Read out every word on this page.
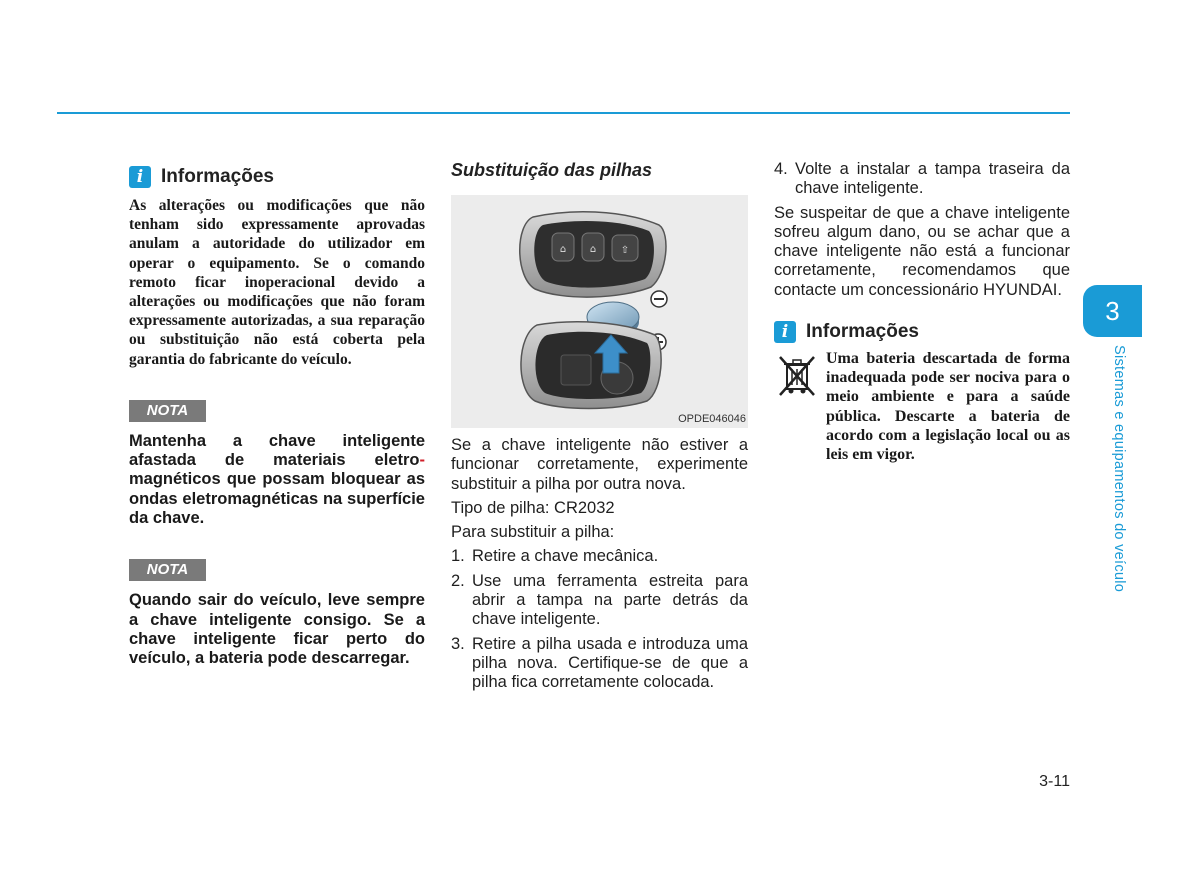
i Informações

As alterações ou modificações que não tenham sido expressamente aprovadas anulam a autoridade do utilizador em operar o equipamento. Se o comando remoto ficar inoperacional devido a alterações ou modificações que não foram expressamente autorizadas, a sua reparação ou substituição não está coberta pela garantia do fabricante do veículo.

NOTA

Mantenha a chave inteligente afastada de materiais eletro- magnéticos que possam bloquear as ondas eletromagnéticas na superfície da chave.

NOTA

Quando sair do veículo, leve sempre a chave inteligente consigo. Se a chave inteligente ficar perto do veículo, a bateria pode descarregar.

Substituição das pilhas

⌂ ⌂ ⇧
OPDE046046

Se a chave inteligente não estiver a funcionar corretamente, experimente substituir a pilha por outra nova.

Tipo de pilha: CR2032

Para substituir a pilha:

1. Retire a chave mecânica.
2. Use uma ferramenta estreita para abrir a tampa na parte detrás da chave inteligente.
3. Retire a pilha usada e introduza uma pilha nova. Certifique-se de que a pilha fica corretamente colocada.
4. Volte a instalar a tampa traseira da chave inteligente.

Se suspeitar de que a chave inteligente sofreu algum dano, ou se achar que a chave inteligente não está a funcionar corretamente, recomendamos que contacte um concessionário HYUNDAI.

i Informações

Uma bateria descartada de forma inadequada pode ser nociva para o meio ambiente e para a saúde pública. Descarte a bateria de acordo com a legislação local ou as leis em vigor.

3
Sistemas e equipamentos do veículo
3-11
